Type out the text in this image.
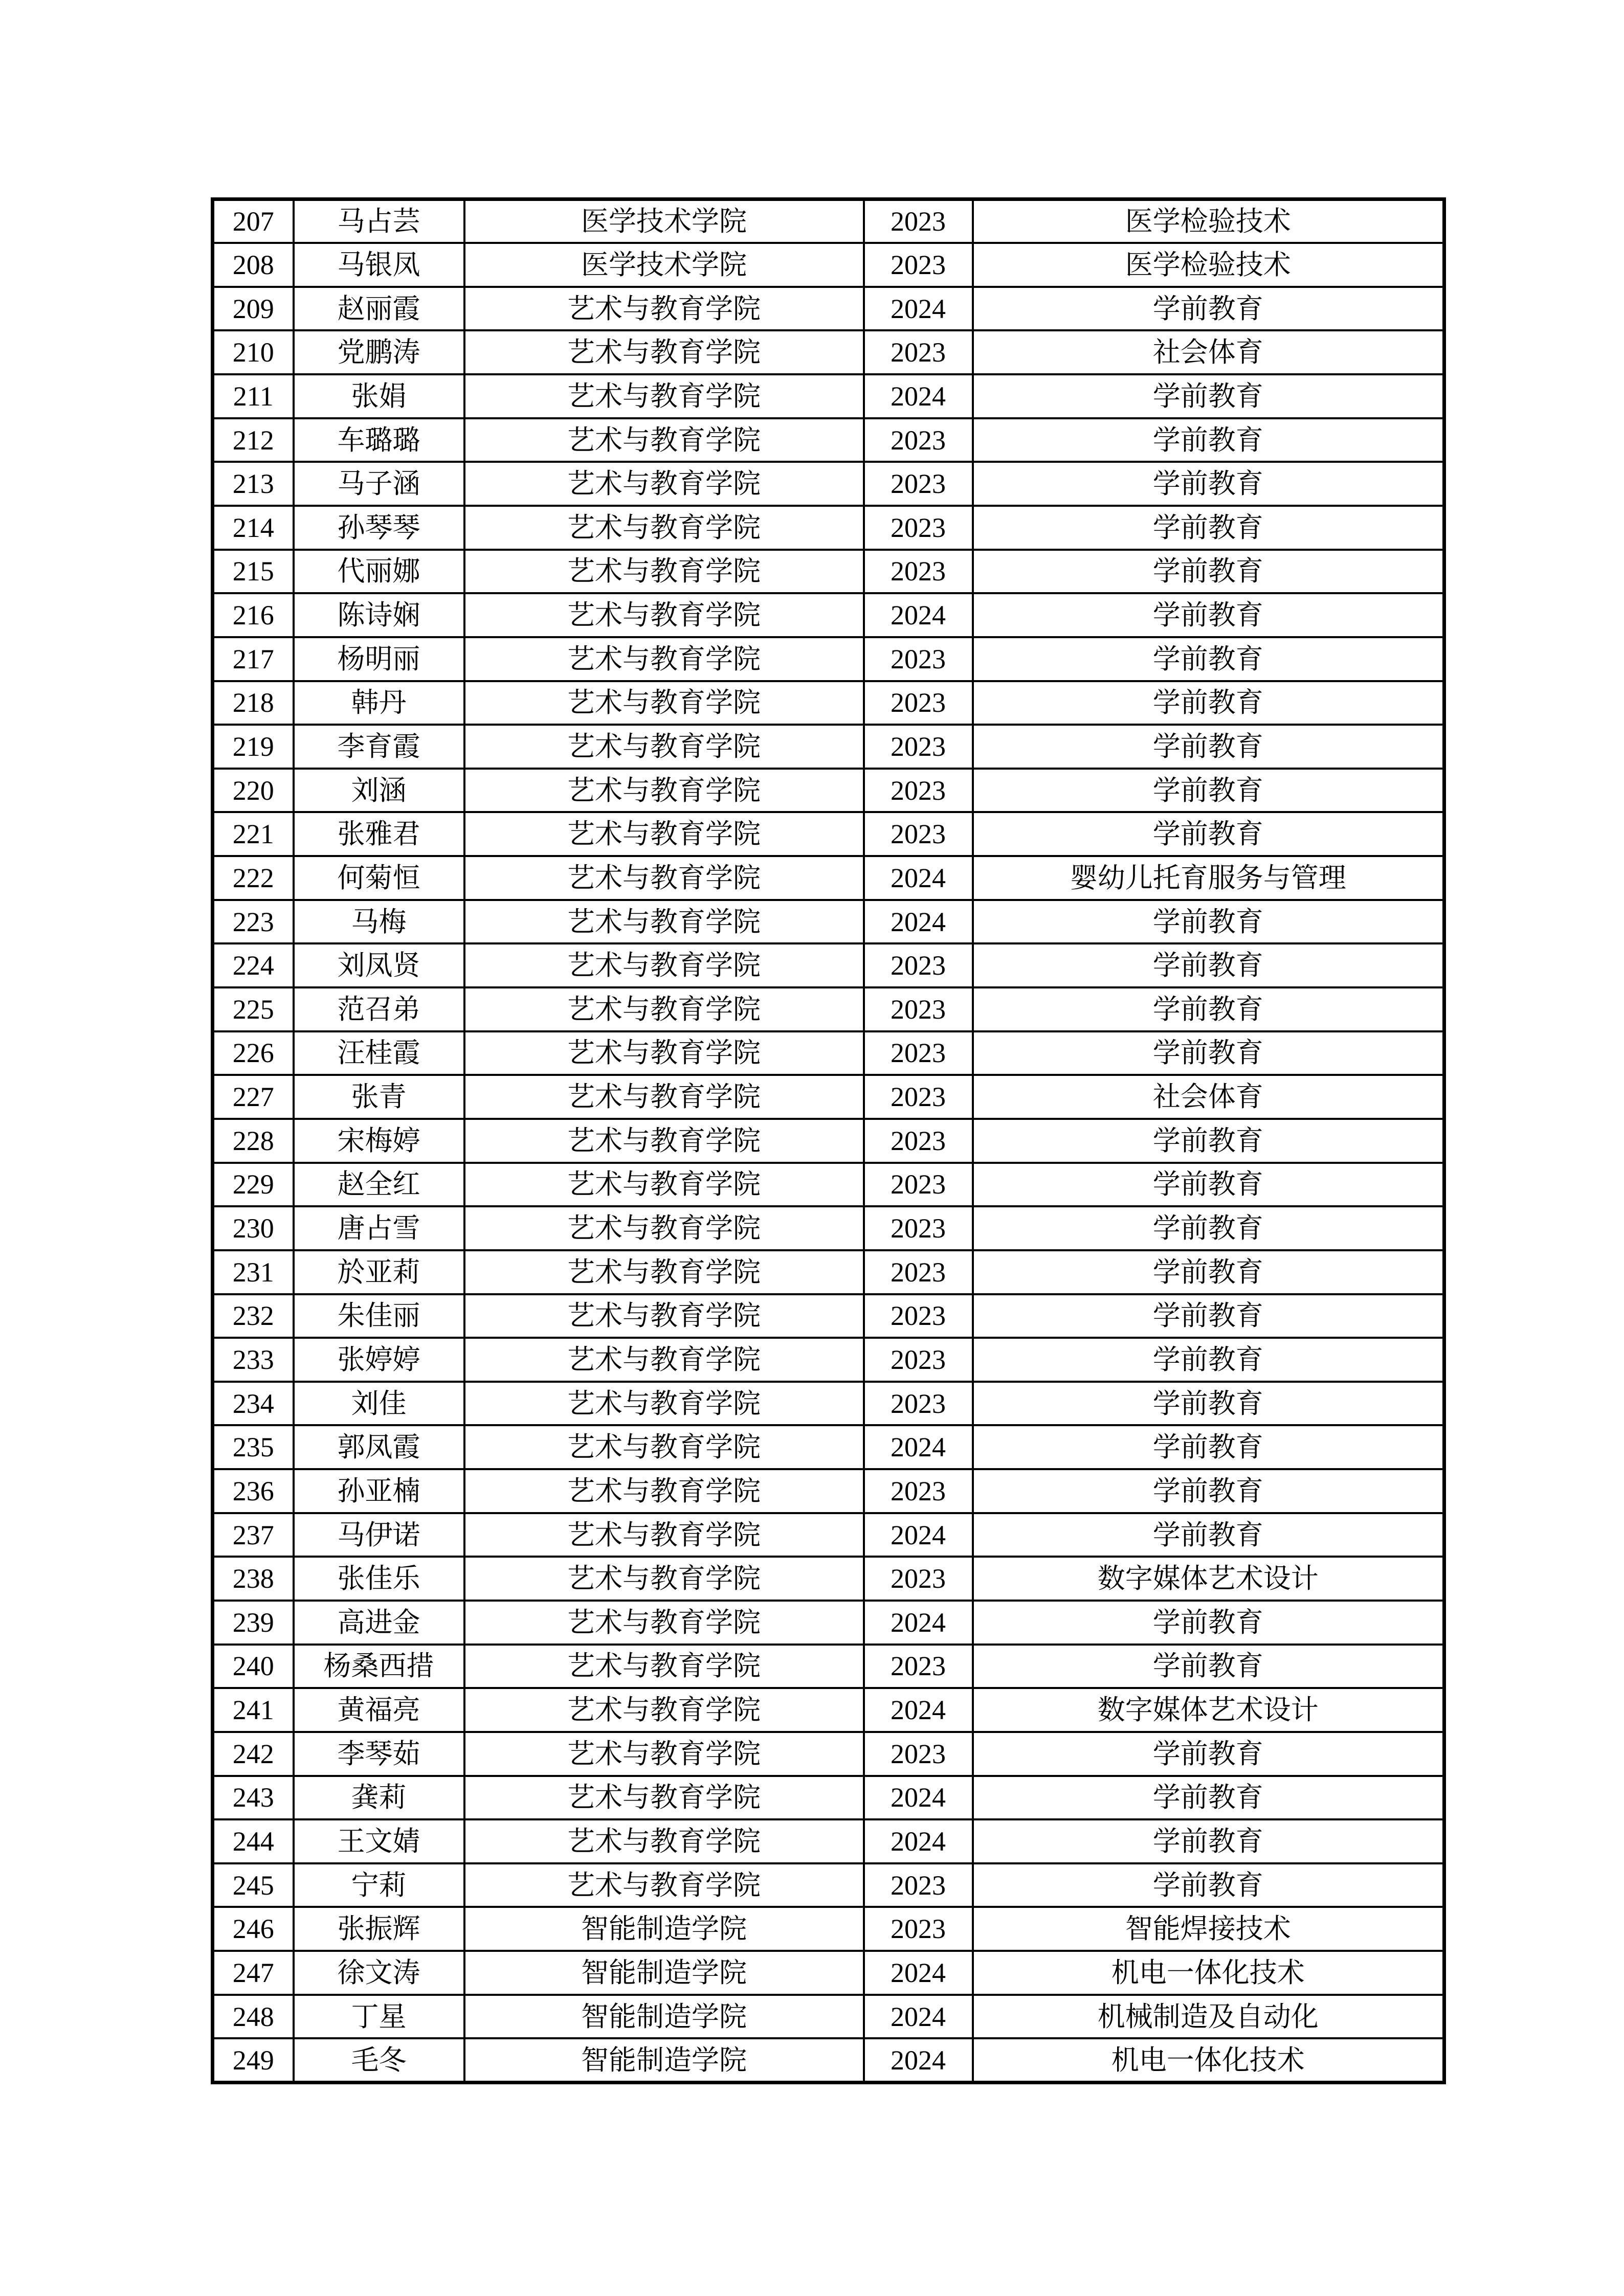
207	马占芸	医学技术学院	2023	医学检验技术
208	马银凤	医学技术学院	2023	医学检验技术
209	赵丽霞	艺术与教育学院	2024	学前教育
210	党鹏涛	艺术与教育学院	2023	社会体育
211	张娟	艺术与教育学院	2024	学前教育
212	车璐璐	艺术与教育学院	2023	学前教育
213	马子涵	艺术与教育学院	2023	学前教育
214	孙琴琴	艺术与教育学院	2023	学前教育
215	代丽娜	艺术与教育学院	2023	学前教育
216	陈诗娴	艺术与教育学院	2024	学前教育
217	杨明丽	艺术与教育学院	2023	学前教育
218	韩丹	艺术与教育学院	2023	学前教育
219	李育霞	艺术与教育学院	2023	学前教育
220	刘涵	艺术与教育学院	2023	学前教育
221	张雅君	艺术与教育学院	2023	学前教育
222	何菊恒	艺术与教育学院	2024	婴幼儿托育服务与管理
223	马梅	艺术与教育学院	2024	学前教育
224	刘凤贤	艺术与教育学院	2023	学前教育
225	范召弟	艺术与教育学院	2023	学前教育
226	汪桂霞	艺术与教育学院	2023	学前教育
227	张青	艺术与教育学院	2023	社会体育
228	宋梅婷	艺术与教育学院	2023	学前教育
229	赵全红	艺术与教育学院	2023	学前教育
230	唐占雪	艺术与教育学院	2023	学前教育
231	於亚莉	艺术与教育学院	2023	学前教育
232	朱佳丽	艺术与教育学院	2023	学前教育
233	张婷婷	艺术与教育学院	2023	学前教育
234	刘佳	艺术与教育学院	2023	学前教育
235	郭凤霞	艺术与教育学院	2024	学前教育
236	孙亚楠	艺术与教育学院	2023	学前教育
237	马伊诺	艺术与教育学院	2024	学前教育
238	张佳乐	艺术与教育学院	2023	数字媒体艺术设计
239	高进金	艺术与教育学院	2024	学前教育
240	杨桑西措	艺术与教育学院	2023	学前教育
241	黄福亮	艺术与教育学院	2024	数字媒体艺术设计
242	李琴茹	艺术与教育学院	2023	学前教育
243	龚莉	艺术与教育学院	2024	学前教育
244	王文婧	艺术与教育学院	2024	学前教育
245	宁莉	艺术与教育学院	2023	学前教育
246	张振辉	智能制造学院	2023	智能焊接技术
247	徐文涛	智能制造学院	2024	机电一体化技术
248	丁星	智能制造学院	2024	机械制造及自动化
249	毛冬	智能制造学院	2024	机电一体化技术
